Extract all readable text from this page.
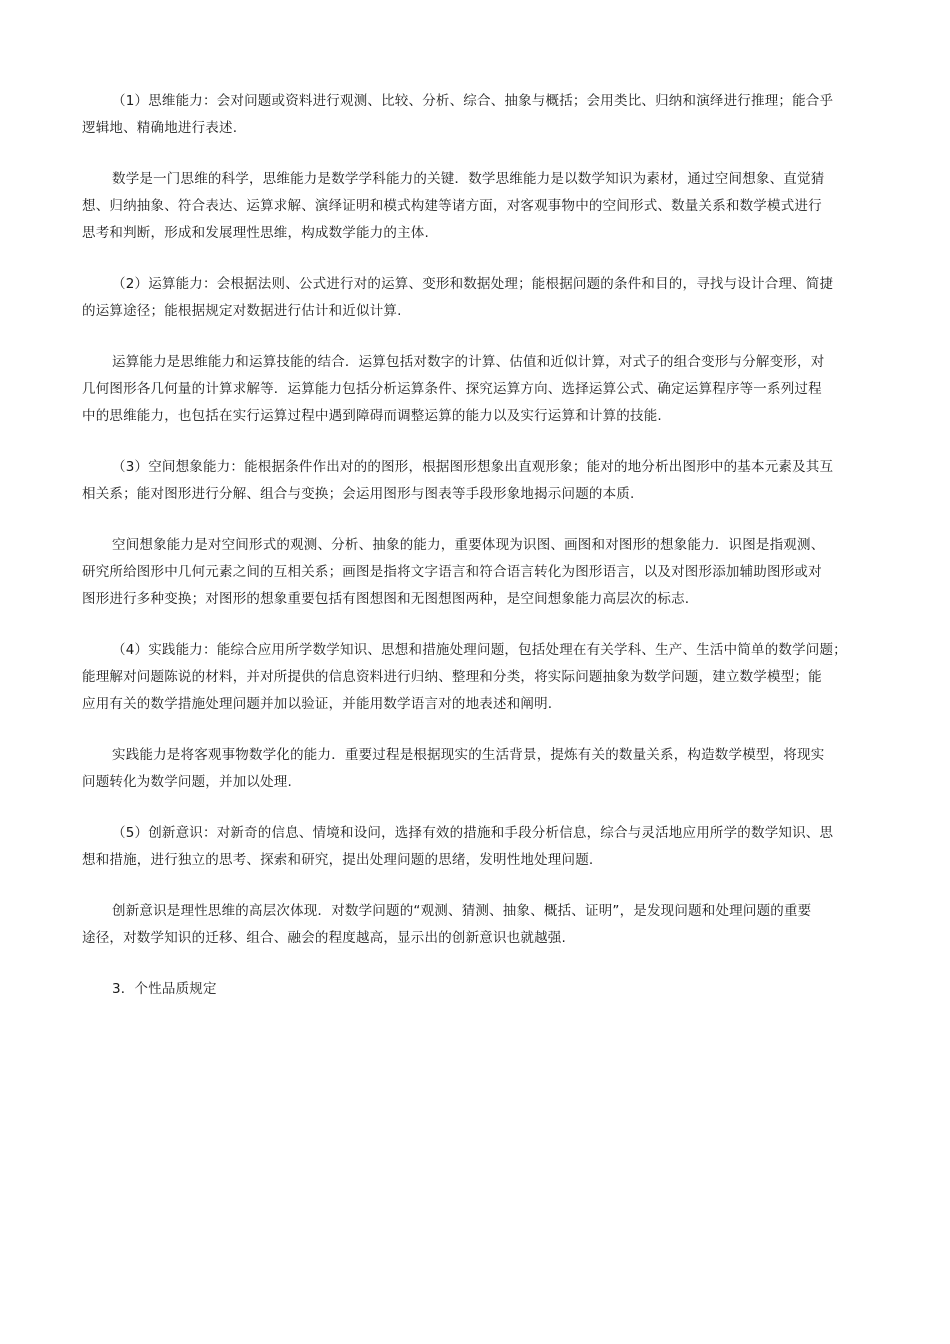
（1）思维能力：会对问题或资料进行观测、比较、分析、综合、抽象与概括；会用类比、归纳和演绎进行推理；能合乎
逻辑地、精确地进行表述.

数学是一门思维的科学，思维能力是数学学科能力的关键．数学思维能力是以数学知识为素材，通过空间想象、直觉猜
想、归纳抽象、符合表达、运算求解、演绎证明和模式构建等诸方面，对客观事物中的空间形式、数量关系和数学模式进行
思考和判断，形成和发展理性思维，构成数学能力的主体.

（2）运算能力：会根据法则、公式进行对的运算、变形和数据处理；能根据问题的条件和目的，寻找与设计合理、简捷
的运算途径；能根据规定对数据进行估计和近似计算.

运算能力是思维能力和运算技能的结合．运算包括对数字的计算、估值和近似计算，对式子的组合变形与分解变形，对
几何图形各几何量的计算求解等．运算能力包括分析运算条件、探究运算方向、选择运算公式、确定运算程序等一系列过程
中的思维能力，也包括在实行运算过程中遇到障碍而调整运算的能力以及实行运算和计算的技能.

（3）空间想象能力：能根据条件作出对的的图形，根据图形想象出直观形象；能对的地分析出图形中的基本元素及其互
相关系；能对图形进行分解、组合与变换；会运用图形与图表等手段形象地揭示问题的本质.

空间想象能力是对空间形式的观测、分析、抽象的能力，重要体现为识图、画图和对图形的想象能力．识图是指观测、
研究所给图形中几何元素之间的互相关系；画图是指将文字语言和符合语言转化为图形语言，以及对图形添加辅助图形或对
图形进行多种变换；对图形的想象重要包括有图想图和无图想图两种，是空间想象能力高层次的标志.

（4）实践能力：能综合应用所学数学知识、思想和措施处理问题，包括处理在有关学科、生产、生活中简单的数学问题；
能理解对问题陈说的材料，并对所提供的信息资料进行归纳、整理和分类，将实际问题抽象为数学问题，建立数学模型；能
应用有关的数学措施处理问题并加以验证，并能用数学语言对的地表述和阐明.

实践能力是将客观事物数学化的能力．重要过程是根据现实的生活背景，提炼有关的数量关系，构造数学模型，将现实
问题转化为数学问题，并加以处理.

（5）创新意识：对新奇的信息、情境和设问，选择有效的措施和手段分析信息，综合与灵活地应用所学的数学知识、思
想和措施，进行独立的思考、探索和研究，提出处理问题的思绪，发明性地处理问题.

创新意识是理性思维的高层次体现．对数学问题的“观测、猜测、抽象、概括、证明”，是发现问题和处理问题的重要
途径，对数学知识的迁移、组合、融会的程度越高，显示出的创新意识也就越强.

3．个性品质规定
